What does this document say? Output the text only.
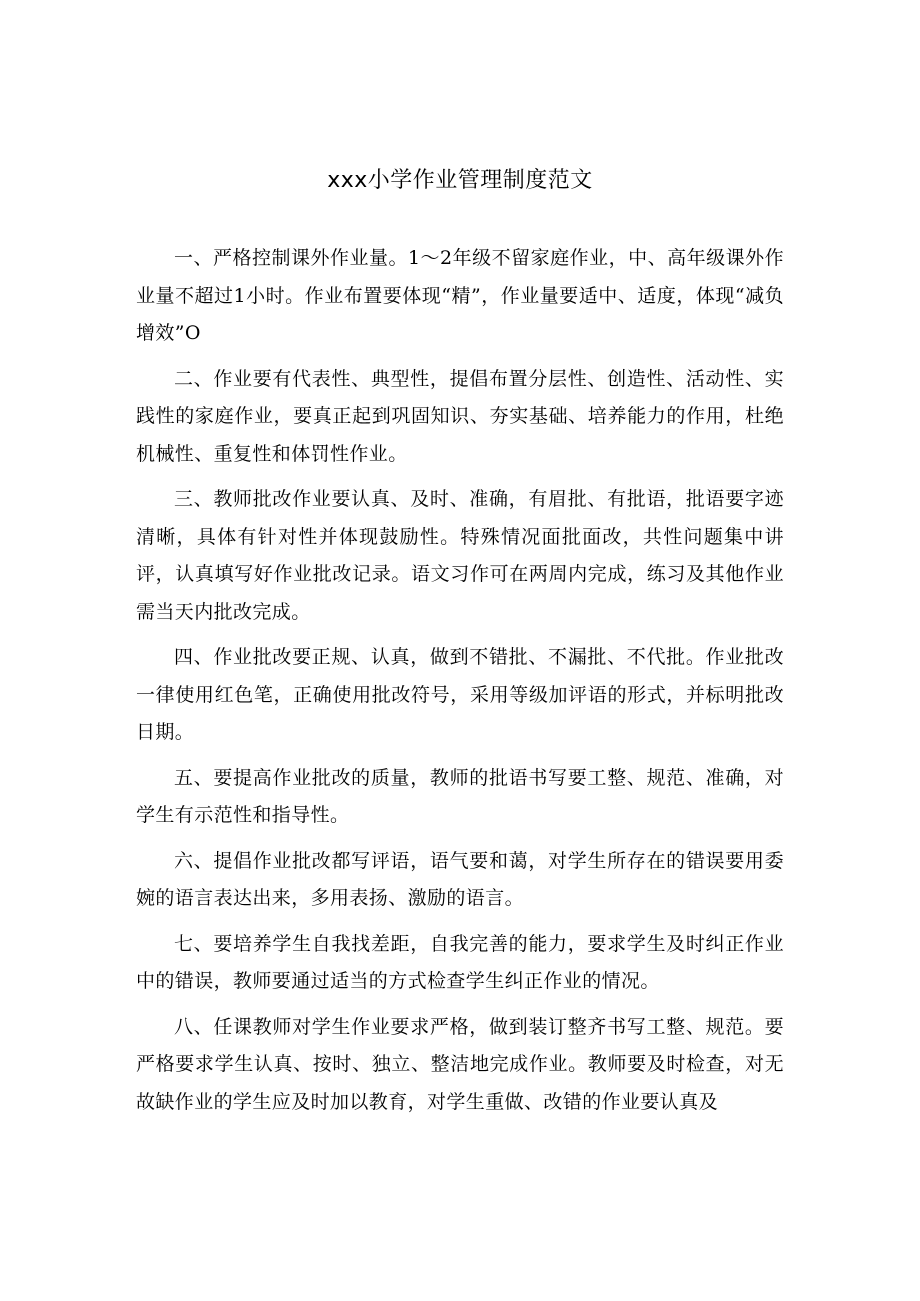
xxx小学作业管理制度范文

一、严格控制课外作业量。1～2年级不留家庭作业，中、高年级课外作业量不超过1小时。作业布置要体现“精”，作业量要适中、适度，体现“减负增效”O

二、作业要有代表性、典型性，提倡布置分层性、创造性、活动性、实践性的家庭作业，要真正起到巩固知识、夯实基础、培养能力的作用，杜绝机械性、重复性和体罚性作业。

三、教师批改作业要认真、及时、准确，有眉批、有批语，批语要字迹清晰，具体有针对性并体现鼓励性。特殊情况面批面改，共性问题集中讲评，认真填写好作业批改记录。语文习作可在两周内完成，练习及其他作业需当天内批改完成。

四、作业批改要正规、认真，做到不错批、不漏批、不代批。作业批改一律使用红色笔，正确使用批改符号，采用等级加评语的形式，并标明批改日期。

五、要提高作业批改的质量，教师的批语书写要工整、规范、准确，对学生有示范性和指导性。

六、提倡作业批改都写评语，语气要和蔼，对学生所存在的错误要用委婉的语言表达出来，多用表扬、激励的语言。

七、要培养学生自我找差距，自我完善的能力，要求学生及时纠正作业中的错误，教师要通过适当的方式检查学生纠正作业的情况。

八、任课教师对学生作业要求严格，做到装订整齐书写工整、规范。要严格要求学生认真、按时、独立、整洁地完成作业。教师要及时检查，对无故缺作业的学生应及时加以教育，对学生重做、改错的作业要认真及
